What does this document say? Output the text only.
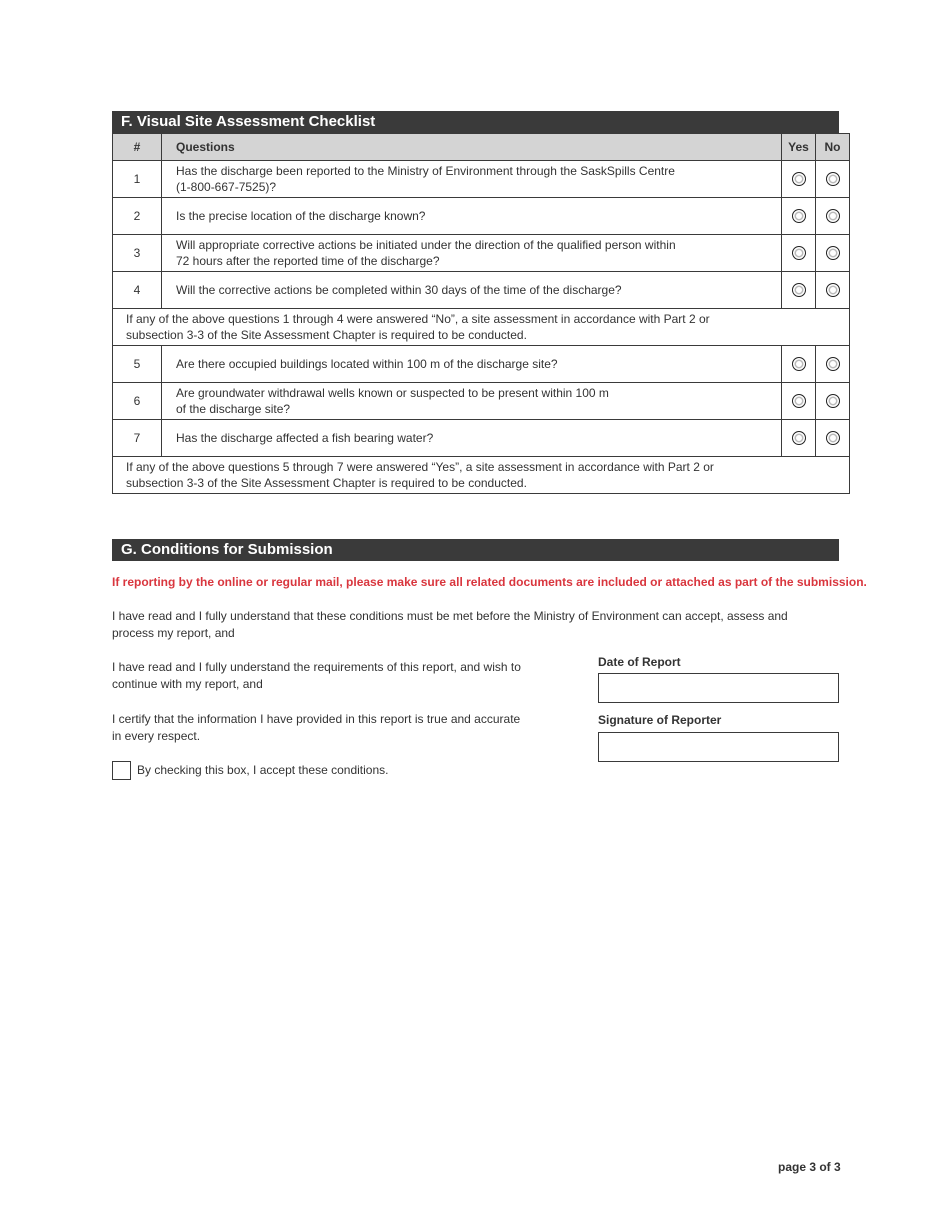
F. Visual Site Assessment Checklist
#	Questions	Yes	No
1	Has the discharge been reported to the Ministry of Environment through the SaskSpills Centre
(1-800-667-7525)?		

2	Is the precise location of the discharge known?		

3	Will appropriate corrective actions be initiated under the direction of the qualified person within
72 hours after the reported time of the discharge?		

4	Will the corrective actions be completed within 30 days of the time of the discharge?		

If any of the above questions 1 through 4 were answered “No”, a site assessment in accordance with Part 2 or
subsection 3-3 of the Site Assessment Chapter is required to be conducted.			
5	Are there occupied buildings located within 100 m of the discharge site?		

6	Are groundwater withdrawal wells known or suspected to be present within 100 m
of the discharge site?		

7	Has the discharge affected a fish bearing water?		

If any of the above questions 5 through 7 were answered “Yes”, a site assessment in accordance with Part 2 or
subsection 3-3 of the Site Assessment Chapter is required to be conducted.			
G. Conditions for Submission
If reporting by the online or regular mail, please make sure all related documents are included or attached as part of the submission.
I have read and I fully understand that these conditions must be met before the Ministry of Environment can accept, assess and process my report, and
I have read and I fully understand the requirements of this report, and wish to continue with my report, and
I certify that the information I have provided in this report is true and accurate in every respect.
Date of Report
Signature of Reporter
By checking this box, I accept these conditions.
page 3 of 3
